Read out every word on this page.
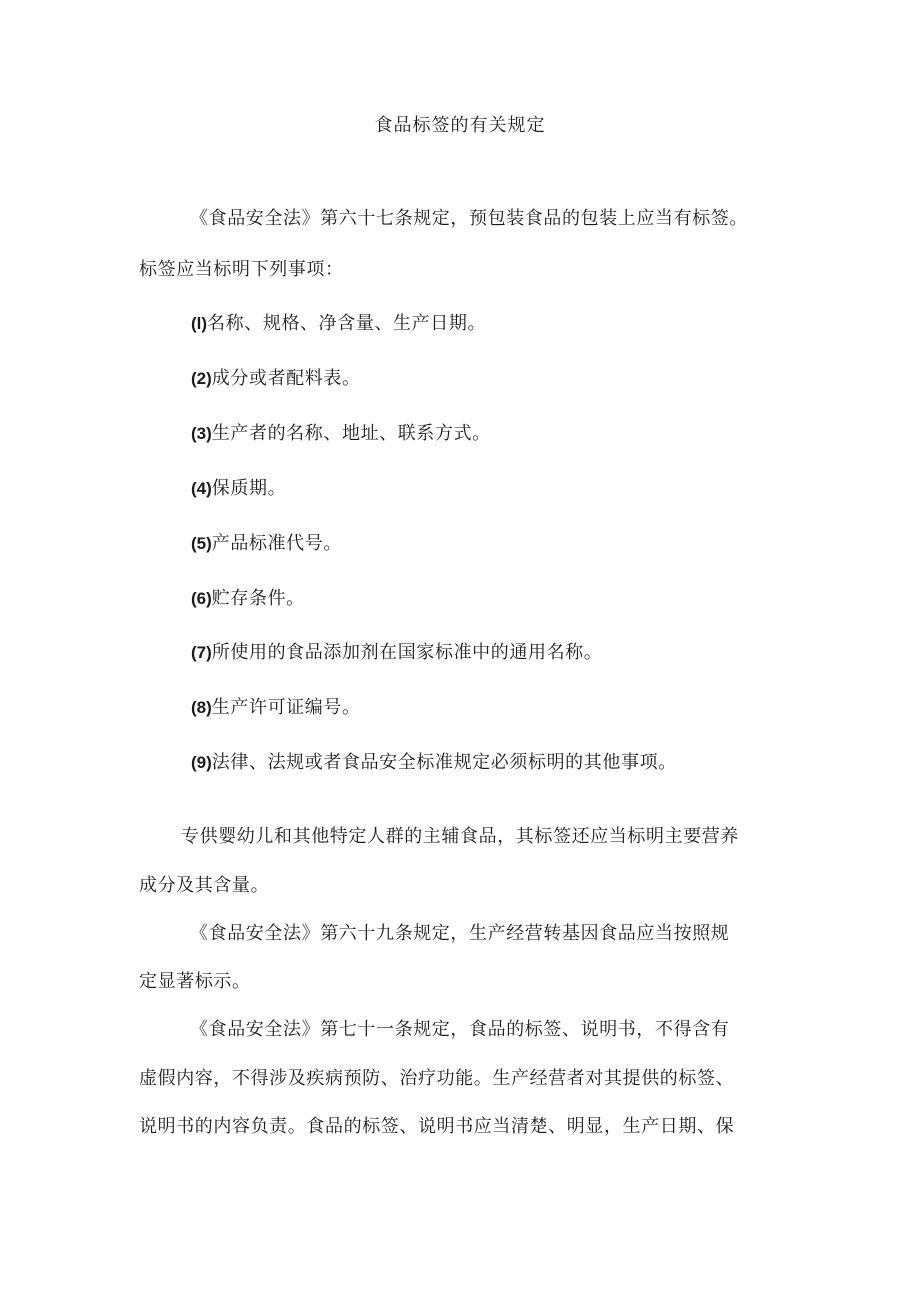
食品标签的有关规定
《食品安全法》第六十七条规定，预包装食品的包装上应当有标签。
标签应当标明下列事项：
(l)名称、规格、净含量、生产日期。
(2)成分或者配料表。
(3)生产者的名称、地址、联系方式。
(4)保质期。
(5)产品标准代号。
(6)贮存条件。
(7)所使用的食品添加剂在国家标准中的通用名称。
(8)生产许可证编号。
(9)法律、法规或者食品安全标准规定必须标明的其他事项。
专供婴幼儿和其他特定人群的主辅食品，其标签还应当标明主要营养
成分及其含量。
《食品安全法》第六十九条规定，生产经营转基因食品应当按照规
定显著标示。
《食品安全法》第七十一条规定，食品的标签、说明书，不得含有
虚假内容，不得涉及疾病预防、治疗功能。生产经营者对其提供的标签、
说明书的内容负责。食品的标签、说明书应当清楚、明显，生产日期、保
